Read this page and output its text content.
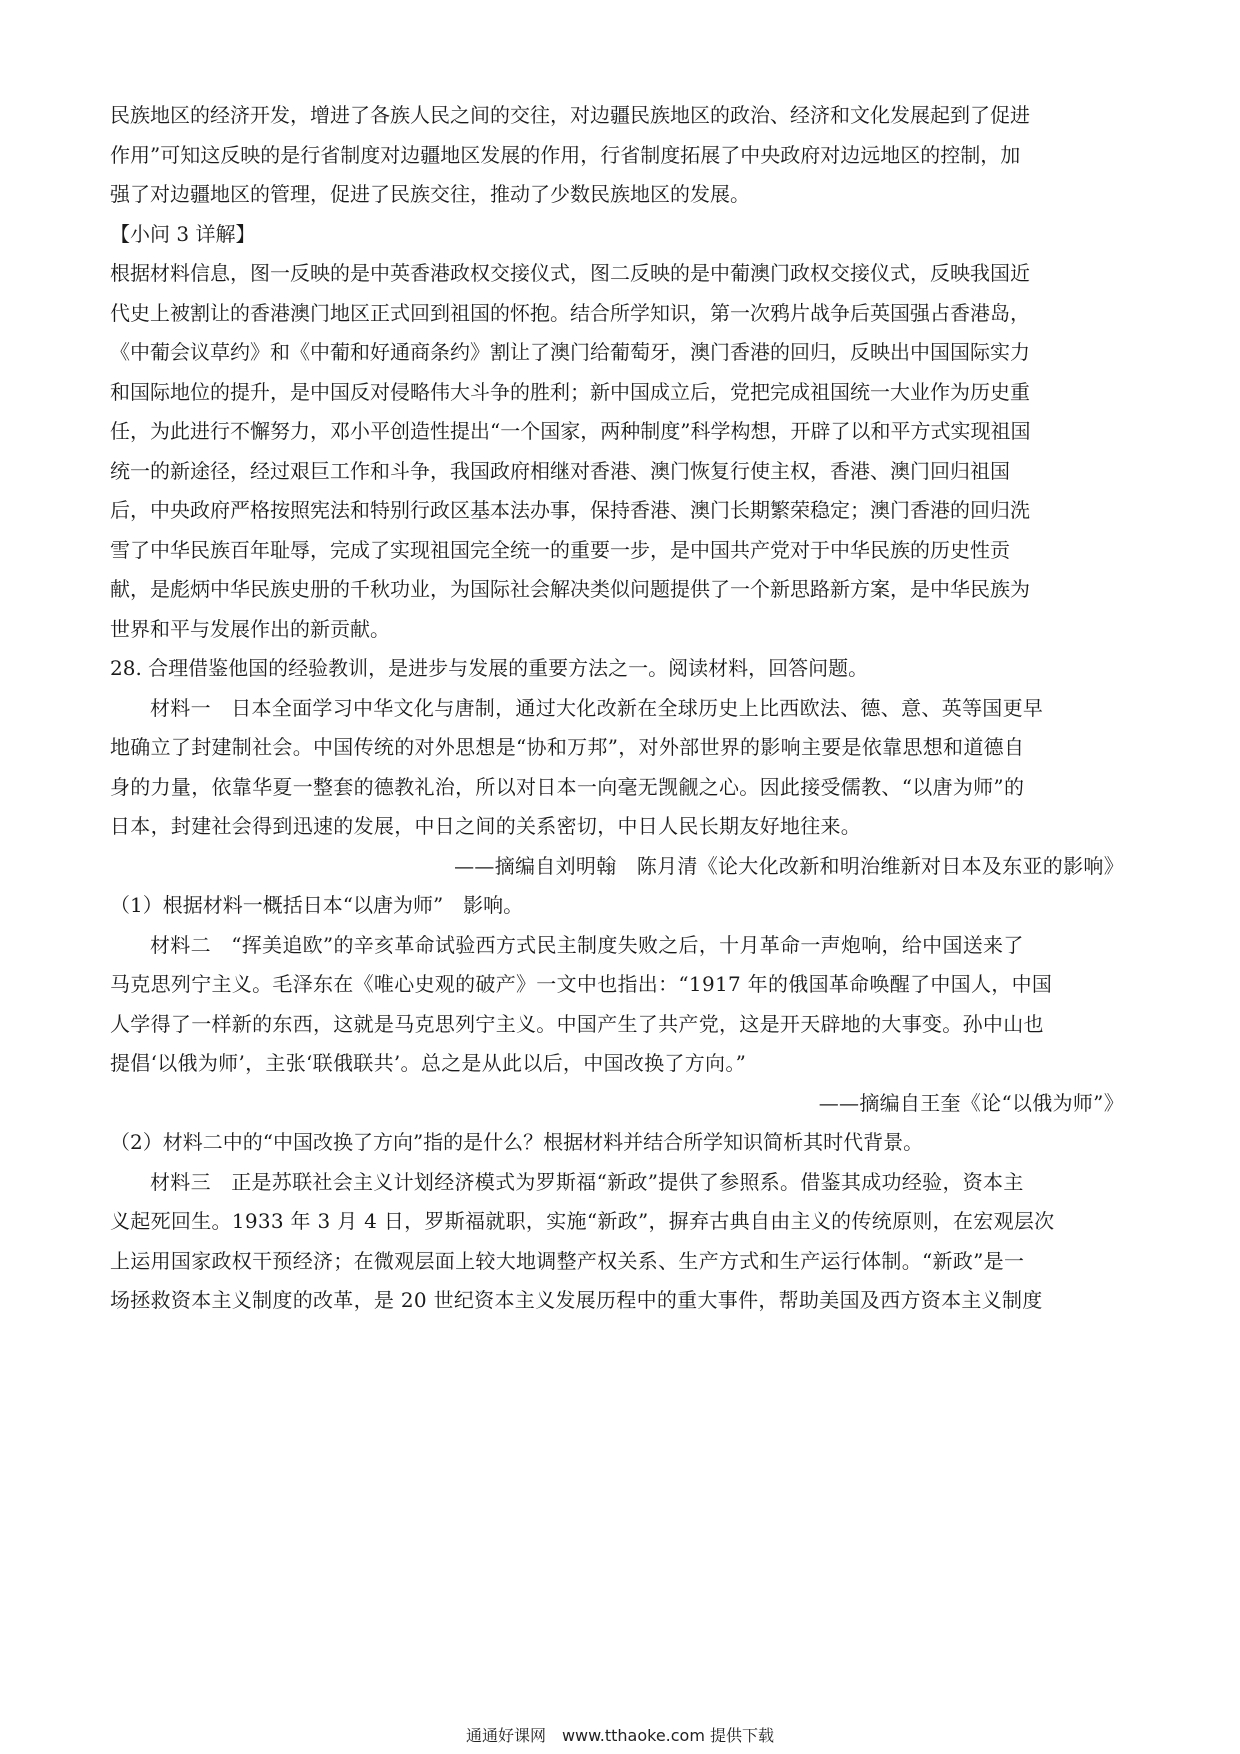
民族地区的经济开发，增进了各族人民之间的交往，对边疆民族地区的政治、经济和文化发展起到了促进
作用”可知这反映的是行省制度对边疆地区发展的作用，行省制度拓展了中央政府对边远地区的控制，加
强了对边疆地区的管理，促进了民族交往，推动了少数民族地区的发展。
【小问 3 详解】
根据材料信息，图一反映的是中英香港政权交接仪式，图二反映的是中葡澳门政权交接仪式，反映我国近
代史上被割让的香港澳门地区正式回到祖国的怀抱。结合所学知识，第一次鸦片战争后英国强占香港岛，
《中葡会议草约》和《中葡和好通商条约》割让了澳门给葡萄牙，澳门香港的回归，反映出中国国际实力
和国际地位的提升，是中国反对侵略伟大斗争的胜利；新中国成立后，党把完成祖国统一大业作为历史重
任，为此进行不懈努力，邓小平创造性提出“一个国家，两种制度”科学构想，开辟了以和平方式实现祖国
统一的新途径，经过艰巨工作和斗争，我国政府相继对香港、澳门恢复行使主权，香港、澳门回归祖国
后，中央政府严格按照宪法和特别行政区基本法办事，保持香港、澳门长期繁荣稳定；澳门香港的回归洗
雪了中华民族百年耻辱，完成了实现祖国完全统一的重要一步，是中国共产党对于中华民族的历史性贡
献，是彪炳中华民族史册的千秋功业，为国际社会解决类似问题提供了一个新思路新方案，是中华民族为
世界和平与发展作出的新贡献。
28. 合理借鉴他国的经验教训，是进步与发展的重要方法之一。阅读材料，回答问题。
材料一　日本全面学习中华文化与唐制，通过大化改新在全球历史上比西欧法、德、意、英等国更早
地确立了封建制社会。中国传统的对外思想是“协和万邦”，对外部世界的影响主要是依靠思想和道德自
身的力量，依靠华夏一整套的德教礼治，所以对日本一向毫无觊觎之心。因此接受儒教、“以唐为师”的
日本，封建社会得到迅速的发展，中日之间的关系密切，中日人民长期友好地往来。
——摘编自刘明翰　陈月清《论大化改新和明治维新对日本及东亚的影响》
（1）根据材料一概括日本“以唐为师”　影响。
材料二　“挥美追欧”的辛亥革命试验西方式民主制度失败之后，十月革命一声炮响，给中国送来了
马克思列宁主义。毛泽东在《唯心史观的破产》一文中也指出：“1917 年的俄国革命唤醒了中国人，中国
人学得了一样新的东西，这就是马克思列宁主义。中国产生了共产党，这是开天辟地的大事变。孙中山也
提倡‘以俄为师’，主张‘联俄联共’。总之是从此以后，中国改换了方向。”
——摘编自王奎《论“以俄为师”》
（2）材料二中的“中国改换了方向”指的是什么？根据材料并结合所学知识简析其时代背景。
材料三　正是苏联社会主义计划经济模式为罗斯福“新政”提供了参照系。借鉴其成功经验，资本主
义起死回生。1933 年 3 月 4 日，罗斯福就职，实施“新政”，摒弃古典自由主义的传统原则，在宏观层次
上运用国家政权干预经济；在微观层面上较大地调整产权关系、生产方式和生产运行体制。“新政”是一
场拯救资本主义制度的改革，是 20 世纪资本主义发展历程中的重大事件，帮助美国及西方资本主义制度
通通好课网　www.tthaoke.com 提供下载
